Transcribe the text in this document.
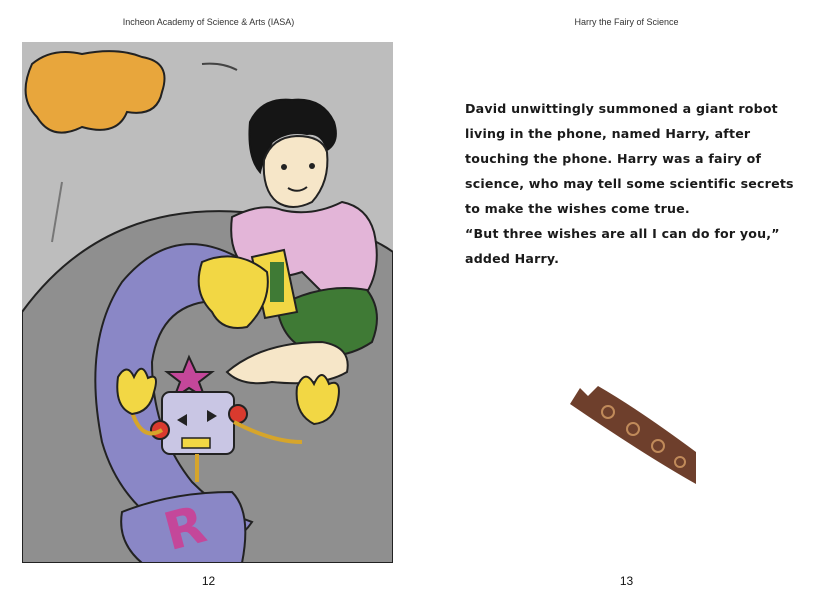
Incheon Academy of Science & Arts (IASA)
R
12
Harry the Fairy of Science

David unwittingly summoned a giant robot living in the phone, named Harry, after touching the phone. Harry was a fairy of science, who may tell some scientific secrets to make the wishes come true.

“But three wishes are all I can do for you,” added Harry.

13
